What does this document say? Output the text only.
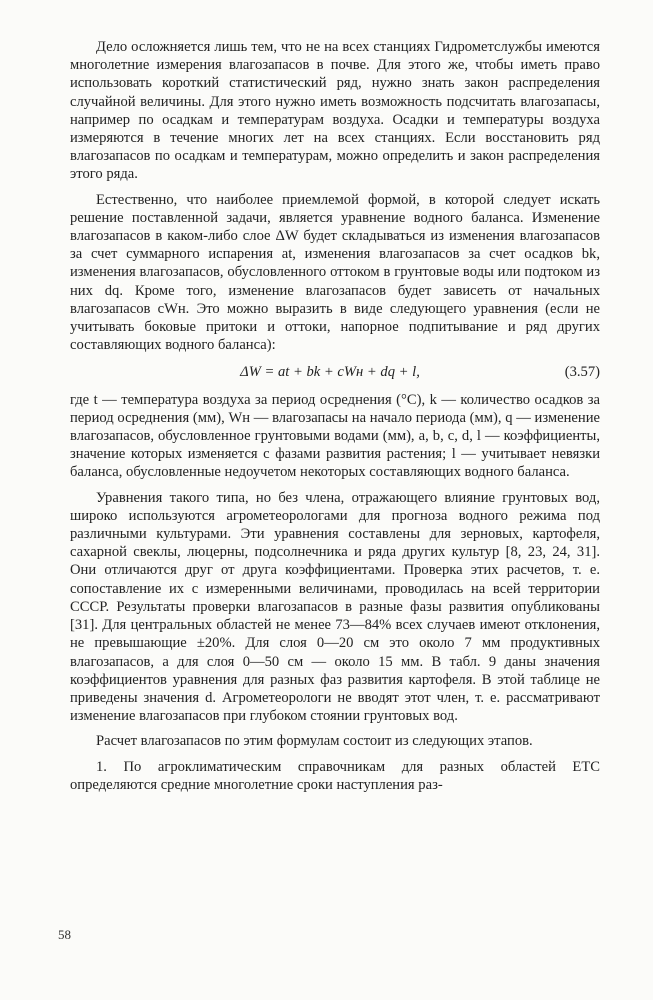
Дело осложняется лишь тем, что не на всех станциях Гидрометслужбы имеются многолетние измерения влагозапасов в почве. Для этого же, чтобы иметь право использовать короткий статистический ряд, нужно знать закон распределения случайной величины. Для этого нужно иметь возможность подсчитать влагозапасы, например по осадкам и температурам воздуха. Осадки и температуры воздуха измеряются в течение многих лет на всех станциях. Если восстановить ряд влагозапасов по осадкам и температурам, можно определить и закон распределения этого ряда.

Естественно, что наиболее приемлемой формой, в которой следует искать решение поставленной задачи, является уравнение водного баланса. Изменение влагозапасов в каком-либо слое ΔW будет складываться из изменения влагозапасов за счет суммарного испарения at, изменения влагозапасов за счет осадков bk, изменения влагозапасов, обусловленного оттоком в грунтовые воды или подтоком из них dq. Кроме того, изменение влагозапасов будет зависеть от начальных влагозапасов cWн. Это можно выразить в виде следующего уравнения (если не учитывать боковые притоки и оттоки, напорное подпитывание и ряд других составляющих водного баланса):

ΔW = at + bk + cWн + dq + l,	(3.57)

где t — температура воздуха за период осреднения (°С), k — количество осадков за период осреднения (мм), Wн — влагозапасы на начало периода (мм), q — изменение влагозапасов, обусловленное грунтовыми водами (мм), a, b, c, d, l — коэффициенты, значение которых изменяется с фазами развития растения; l — учитывает невязки баланса, обусловленные недоучетом некоторых составляющих водного баланса.

Уравнения такого типа, но без члена, отражающего влияние грунтовых вод, широко используются агрометеорологами для прогноза водного режима под различными культурами. Эти уравнения составлены для зерновых, картофеля, сахарной свеклы, люцерны, подсолнечника и ряда других культур [8, 23, 24, 31]. Они отличаются друг от друга коэффициентами. Проверка этих расчетов, т. е. сопоставление их с измеренными величинами, проводилась на всей территории СССР. Результаты проверки влагозапасов в разные фазы развития опубликованы [31]. Для центральных областей не менее 73—84% всех случаев имеют отклонения, не превышающие ±20%. Для слоя 0—20 см это около 7 мм продуктивных влагозапасов, а для слоя 0—50 см — около 15 мм. В табл. 9 даны значения коэффициентов уравнения для разных фаз развития картофеля. В этой таблице не приведены значения d. Агрометеорологи не вводят этот член, т. е. рассматривают изменение влагозапасов при глубоком стоянии грунтовых вод.

Расчет влагозапасов по этим формулам состоит из следующих этапов.

1. По агроклиматическим справочникам для разных областей ЕТС определяются средние многолетние сроки наступления раз-

58
